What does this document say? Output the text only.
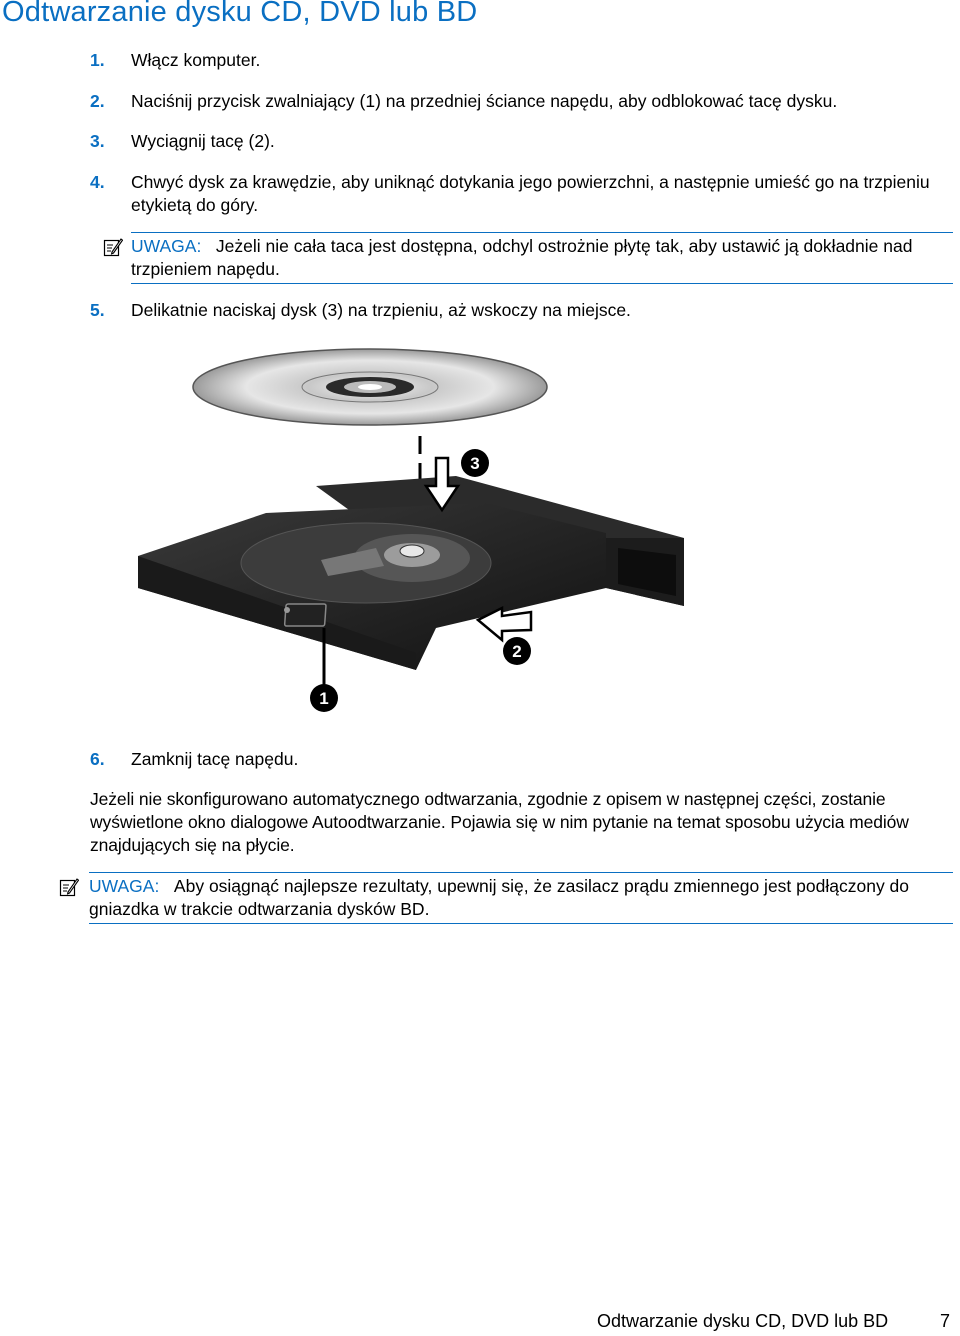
Odtwarzanie dysku CD, DVD lub BD
1.	Włącz komputer.
2.	Naciśnij przycisk zwalniający (1) na przedniej ściance napędu, aby odblokować tacę dysku.
3.	Wyciągnij tacę (2).
4.	Chwyć dysk za krawędzie, aby uniknąć dotykania jego powierzchni, a następnie umieść go na trzpieniu etykietą do góry.
UWAGA: Jeżeli nie cała taca jest dostępna, odchyl ostrożnie płytę tak, aby ustawić ją dokładnie nad trzpieniem napędu.
5.	Delikatnie naciskaj dysk (3) na trzpieniu, aż wskoczy na miejsce.
3
2
1
6.	Zamknij tacę napędu.

Jeżeli nie skonfigurowano automatycznego odtwarzania, zgodnie z opisem w następnej części, zostanie wyświetlone okno dialogowe Autoodtwarzanie. Pojawia się w nim pytanie na temat sposobu użycia mediów znajdujących się na płycie.

UWAGA: Aby osiągnąć najlepsze rezultaty, upewnij się, że zasilacz prądu zmiennego jest podłączony do gniazdka w trakcie odtwarzania dysków BD.
Odtwarzanie dysku CD, DVD lub BD	7
